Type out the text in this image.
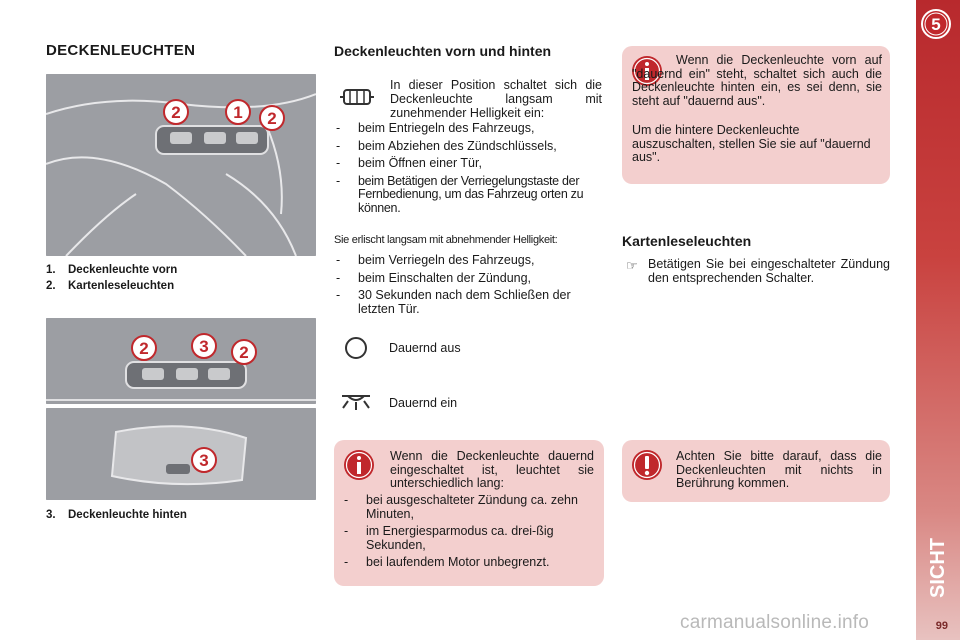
DECKENLEUCHTEN
2	1 2
1. Deckenleuchte vorn
2. Kartenleseleuchten
2	3 2
3
3. Deckenleuchte hinten
Deckenleuchten vorn und hinten
In dieser Position schaltet sich die Deckenleuchte langsam mit zunehmender Helligkeit ein:
- beim Entriegeln des Fahrzeugs,
- beim Abziehen des Zündschlüssels,
- beim Öffnen einer Tür,
- beim Betätigen der Verriegelungstaste der Fernbedienung, um das Fahrzeug orten zu können.
Sie erlischt langsam mit abnehmender Helligkeit:
- beim Verriegeln des Fahrzeugs,
- beim Einschalten der Zündung,
- 30 Sekunden nach dem Schließen der letzten Tür.
Dauernd aus
Dauernd ein
Wenn die Deckenleuchte dauernd eingeschaltet ist, leuchtet sie unterschiedlich lang:
- bei ausgeschalteter Zündung ca. zehn Minuten,
- im Energiesparmodus ca. drei-ßig Sekunden,
- bei laufendem Motor unbegrenzt.
Wenn die Deckenleuchte vorn auf "dauernd ein" steht, schaltet sich auch die Deckenleuchte hinten ein, es sei denn, sie steht auf "dauernd aus".
Um die hintere Deckenleuchte auszuschalten, stellen Sie sie auf "dauernd aus".
Kartenleseleuchten
☞ Betätigen Sie bei eingeschalteter Zündung den entsprechenden Schalter.
Achten Sie bitte darauf, dass die Deckenleuchten mit nichts in Berührung kommen.
5
SICHT
99
carmanualsonline.info
